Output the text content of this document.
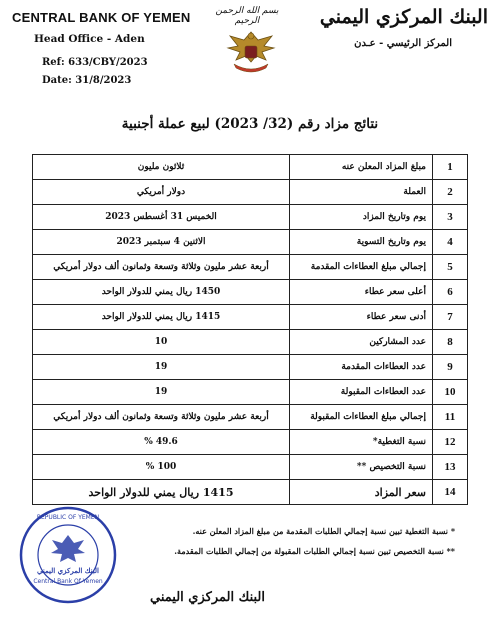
CENTRAL BANK OF YEMEN
Head Office - Aden
Ref: 633/CBY/2023
Date: 31/8/2023
بسم الله الرحمن الرحيم	البنك المركزي اليمني
المركز الرئيسي - عـدن
نتائج مزاد رقم (32/ 2023) لبيع عملة أجنبية
1	مبلغ المزاد المعلن عنه	ثلاثون مليون
2	العملة	دولار أمريكي
3	يوم وتاريخ المزاد	الخميس 31 أغسطس 2023
4	يوم وتاريخ التسوية	الاثنين 4 سبتمبر 2023
5	إجمالي مبلغ العطاءات المقدمة	أربعة عشر مليون وثلاثة وتسعة وثمانون ألف دولار أمريكي
6	أعلى سعر عطاء	1450 ريال يمني للدولار الواحد
7	أدنى سعر عطاء	1415 ريال يمني للدولار الواحد
8	عدد المشاركين	10
9	عدد العطاءات المقدمة	19
10	عدد العطاءات المقبولة	19
11	إجمالي مبلغ العطاءات المقبولة	أربعة عشر مليون وثلاثة وتسعة وثمانون ألف دولار أمريكي
12	نسبة التغطية*	49.6 %
13	نسبة التخصيص **	100 %
14	سعر المزاد	1415 ريال يمني للدولار الواحد
* نسبة التغطية تبين نسبة إجمالي الطلبات المقدمة من مبلغ المزاد المعلن عنه.
** نسبة التخصيص تبين نسبة إجمالي الطلبات المقبولة من إجمالي الطلبات المقدمة.
REPUBLIC OF YEMEN
البنك المركزي اليمني
Central Bank Of Yemen
البنك المركزي اليمني
